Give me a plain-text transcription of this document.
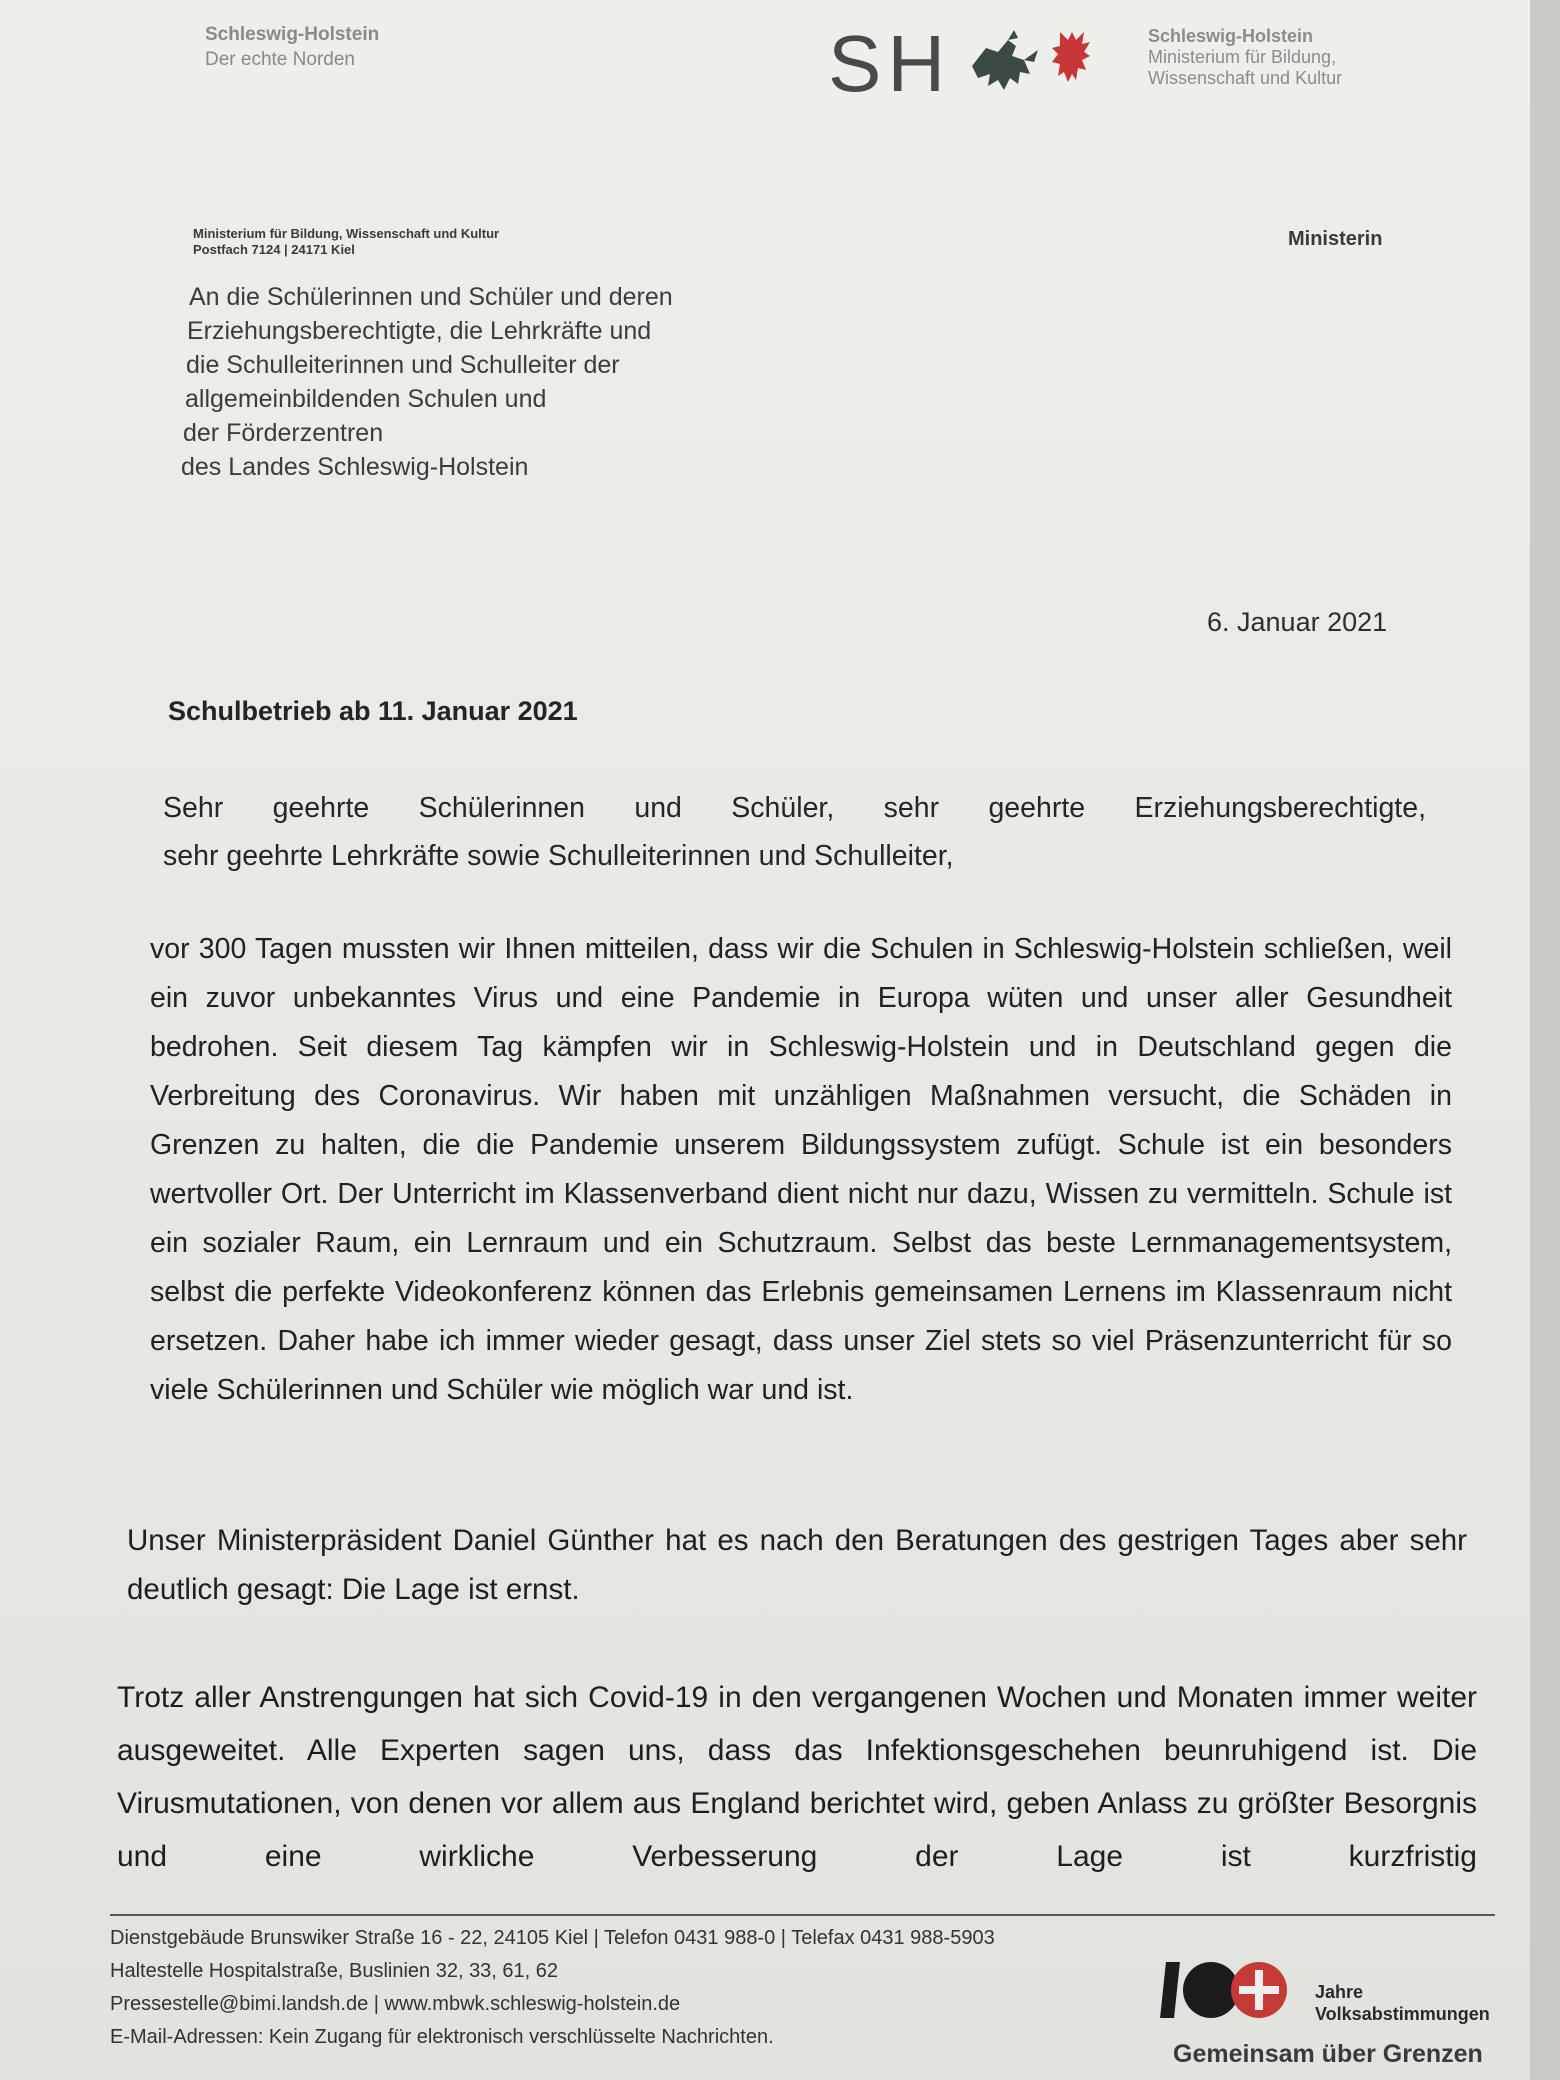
Schleswig-Holstein
Der echte Norden	SH	Schleswig-Holstein
Ministerium für Bildung,
Wissenschaft und Kultur
Ministerium für Bildung, Wissenschaft und Kultur
Postfach 7124 | 24171 Kiel	Ministerin
An die Schülerinnen und Schüler und deren
Erziehungsberechtigte, die Lehrkräfte und
die Schulleiterinnen und Schulleiter der
allgemeinbildenden Schulen und
der Förderzentren
des Landes Schleswig-Holstein
6. Januar 2021
Schulbetrieb ab 11. Januar 2021
Sehr geehrte Schülerinnen und Schüler, sehr geehrte Erziehungsberechtigte,
sehr geehrte Lehrkräfte sowie Schulleiterinnen und Schulleiter,
vor 300 Tagen mussten wir Ihnen mitteilen, dass wir die Schulen in Schleswig-Holstein schließen, weil ein zuvor unbekanntes Virus und eine Pandemie in Europa wüten und unser aller Gesundheit bedrohen. Seit diesem Tag kämpfen wir in Schleswig-Holstein und in Deutschland gegen die Verbreitung des Coronavirus. Wir haben mit unzähligen Maßnahmen versucht, die Schäden in Grenzen zu halten, die die Pandemie unserem Bildungssystem zufügt. Schule ist ein besonders wertvoller Ort. Der Unterricht im Klassenverband dient nicht nur dazu, Wissen zu vermitteln. Schule ist ein sozialer Raum, ein Lernraum und ein Schutzraum. Selbst das beste Lernmanagementsystem, selbst die perfekte Videokonferenz können das Erlebnis gemeinsamen Lernens im Klassenraum nicht ersetzen. Daher habe ich immer wieder gesagt, dass unser Ziel stets so viel Präsenzunterricht für so viele Schülerinnen und Schüler wie möglich war und ist.
Unser Ministerpräsident Daniel Günther hat es nach den Beratungen des gestrigen Tages aber sehr deutlich gesagt: Die Lage ist ernst.
Trotz aller Anstrengungen hat sich Covid-19 in den vergangenen Wochen und Monaten immer weiter ausgeweitet. Alle Experten sagen uns, dass das Infektionsgeschehen beunruhigend ist. Die Virusmutationen, von denen vor allem aus England berichtet wird, geben Anlass zu größter Besorgnis und eine wirkliche Verbesserung der Lage ist kurzfristig
Dienstgebäude Brunswiker Straße 16 - 22, 24105 Kiel | Telefon 0431 988-0 | Telefax 0431 988-5903
Haltestelle Hospitalstraße, Buslinien 32, 33, 61, 62
Pressestelle@bimi.landsh.de | www.mbwk.schleswig-holstein.de
E-Mail-Adressen: Kein Zugang für elektronisch verschlüsselte Nachrichten.
Jahre
Volksabstimmungen
Gemeinsam über Grenzen
